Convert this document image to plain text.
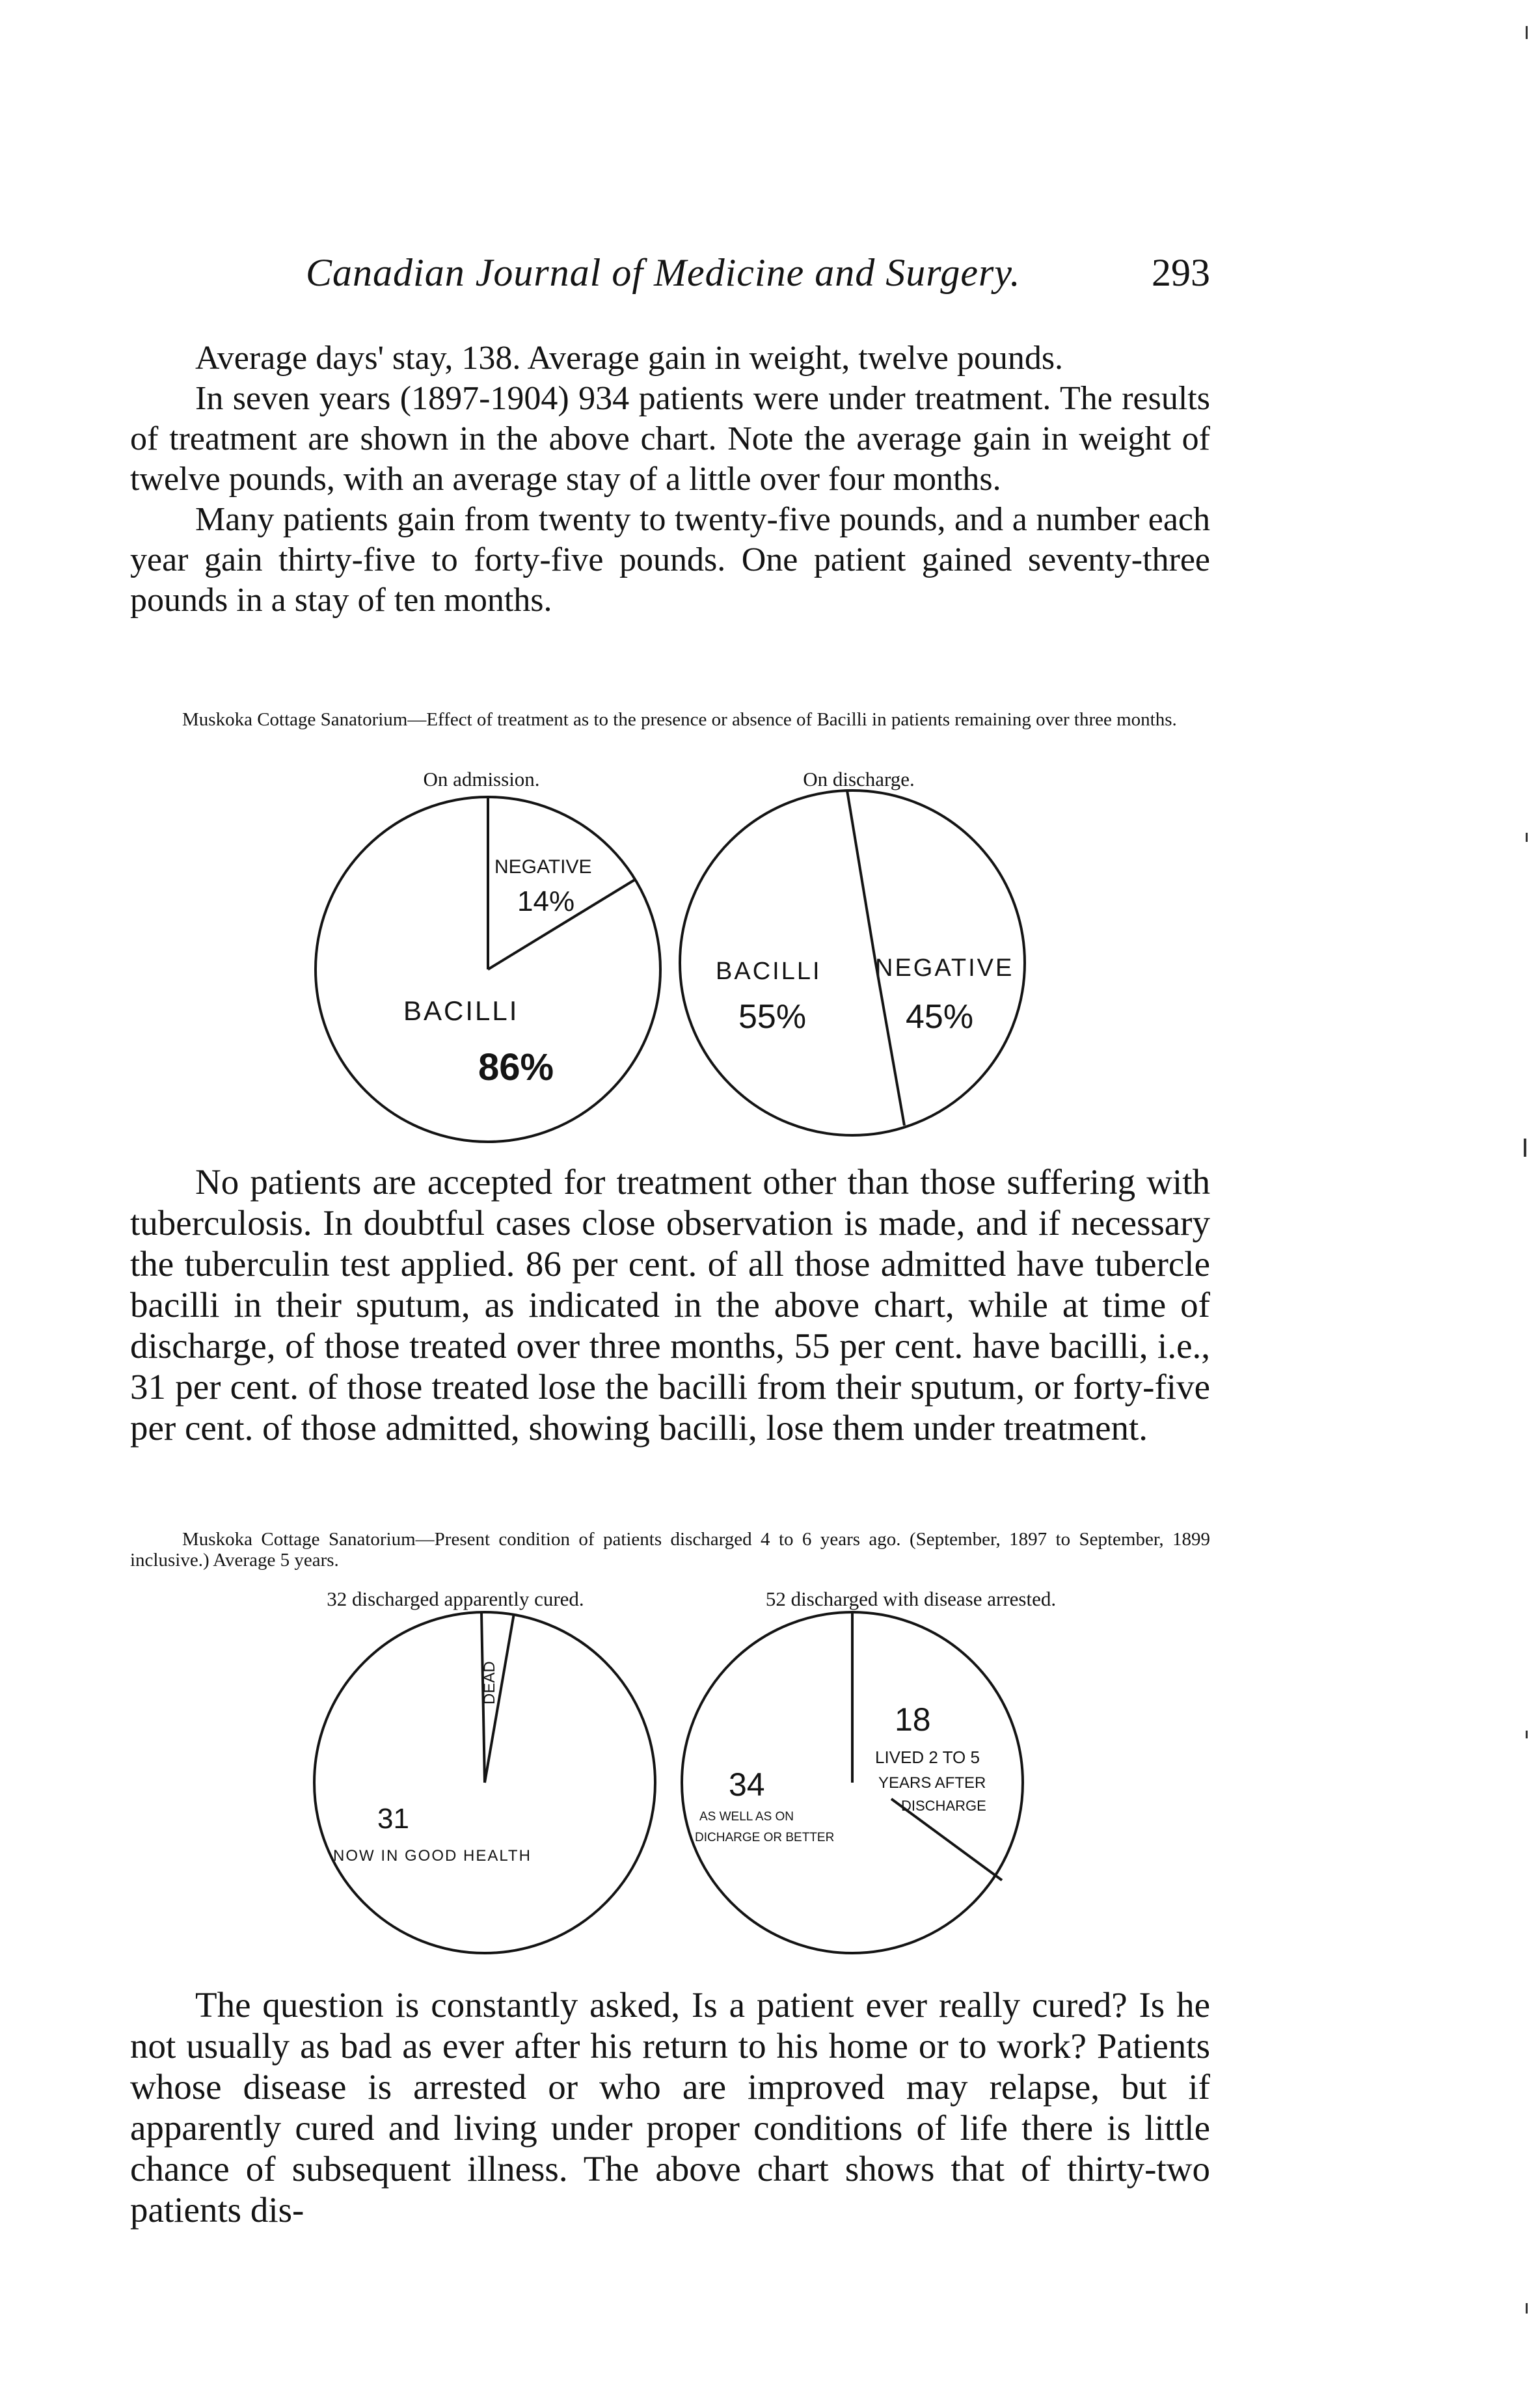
Canadian Journal of Medicine and Surgery.	293

Average days' stay, 138. Average gain in weight, twelve pounds.

In seven years (1897-1904) 934 patients were under treatment. The results of treatment are shown in the above chart. Note the average gain in weight of twelve pounds, with an average stay of a little over four months.

Many patients gain from twenty to twenty-five pounds, and a number each year gain thirty-five to forty-five pounds. One patient gained seventy-three pounds in a stay of ten months.

Muskoka Cottage Sanatorium—Effect of treatment as to the presence or absence of Bacilli in patients remaining over three months.
On admission.	On discharge.
NEGATIVE
14%
BACILLI
86%
BACILLI
55%
NEGATIVE
45%
DEAD
31
NOW IN GOOD HEALTH
18
LIVED 2 TO 5
YEARS AFTER
DISCHARGE
34
AS WELL AS ON
DICHARGE OR BETTER

No patients are accepted for treatment other than those suffering with tuberculosis. In doubtful cases close observation is made, and if necessary the tuberculin test applied. 86 per cent. of all those admitted have tubercle bacilli in their sputum, as indicated in the above chart, while at time of discharge, of those treated over three months, 55 per cent. have bacilli, i.e., 31 per cent. of those treated lose the bacilli from their sputum, or forty-five per cent. of those admitted, showing bacilli, lose them under treatment.

Muskoka Cottage Sanatorium—Present condition of patients discharged 4 to 6 years ago. (September, 1897 to September, 1899 inclusive.) Average 5 years.
32 discharged apparently cured.	52 discharged with disease arrested.

The question is constantly asked, Is a patient ever really cured? Is he not usually as bad as ever after his return to his home or to work? Patients whose disease is arrested or who are improved may relapse, but if apparently cured and living under proper conditions of life there is little chance of subsequent illness. The above chart shows that of thirty-two patients dis-
